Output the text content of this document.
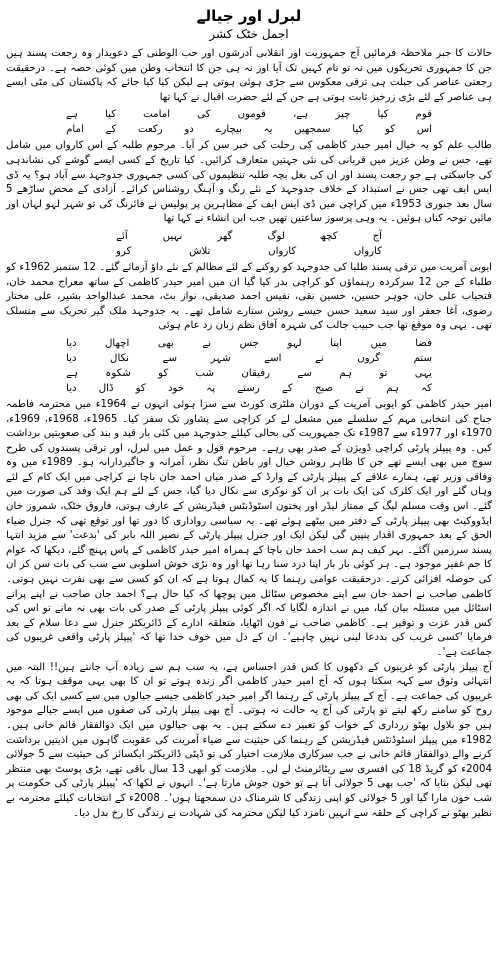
لبرل اور جیالے
اجمل خٹک کشر

حالات کا جبر ملاحظہ فرمائیں آج جمہوریت اور انقلابی آدرشوں اور حب الوطنی کے دعویدار وہ رجعت پسند ہیں جن کا جمہوری تحریکوں میں نہ تو نام کہیں تک آیا اور نہ ہی جن کا انتخاب وطن میں کوئی حصہ ہے۔ درحقیقت رجعتی عناصر کی جبلت ہی ترقی معکوس سے جڑی ہوئی ہوتی ہے لیکن کیا کیا جائے کہ پاکستان کی مٹی ایسے ہی عناصر کے لئے بڑی زرخیز ثابت ہوتی ہے جن کے لئے حضرت اقبال نے کہا تھا

قوم
کیا
چیز
ہے،
قوموں
کی
امامت
کیا
ہے
اس
کو
کیا
سمجھیں
یہ
بیچارے
دو
رکعت
کے
امام

طالب علم کو یہ خیال امیر حیدر کاظمی کی رحلت کی خبر سن کر آیا۔ مرحوم طلبہ کے اس کارواں میں شامل تھے، جس نے وطن عزیز میں قربانی کی نئی جہتیں متعارف کرائیں۔ کیا تاریخ کے کسی ایسے گوشے کی نشاندہی کی جاسکتی ہے جو رجعت پسند اور ان کی بغل بچہ طلبہ تنظیموں کی کسی جمہوری جدوجہد سے آباد ہو؟ یہ ڈی ایس ایف تھی جس نے استبداد کے خلاف جدوجہد کے نئے رنگ و آہنگ روشناس کرائے۔ آزادی کے محض ساڑھے 5 سال بعد جنوری 1953ء میں کراچی میں ڈی ایس ایف کے مظاہرین پر پولیس نے فائرنگ کی تو شہر لہو لہان اور مائیں نوحہ کناں ہوئیں۔ یہ وہی پرسوز ساعتیں تھیں جب ابن انشاء نے کہا تھا

آج
کچھ
لوگ
گھر
نہیں
آئے
کارواں
کارواں
تلاش
کرو

ایوبی آمریت میں ترقی پسند طلبا کی جدوجہد کو روکنے کے لئے مظالم کے نئے داؤ آزمائے گئے۔ 12 ستمبر 1962ء کو طلباء کے جن 12 سرکردہ رہنماؤں کو کراچی بدر کیا گیا ان میں امیر حیدر کاظمی کے ساتھ معراج محمد خان، فتحیاب علی خان، جوہر حسین، حسین نقی، نفیس احمد صدیقی، نواز بٹ، محمد عبدالواحد بشیر، علی مختار رضوی، آغا جعفر اور سید سعید حسن جیسے روشن ستارے شامل تھے۔ یہ جدوجہد ملک گیر تحریک سے منسلک تھی۔ یہی وہ موقع تھا جب حبیب جالب کی شہرہ آفاق نظم زبان زد عام ہوئی

فضا
میں
اپنا
لہو
جس
نے
بھی
اچھال
دیا
ستم
گروں
نے
اسے
شہر
سے
نکال
دیا
یہی
تو
ہم
سے
رفیقان
شب
کو
شکوہ
ہے
کہ
ہم
نے
صبح
کے
رستے
پہ
خود
کو
ڈال
دیا

امیر حیدر کاظمی کو ایوبی آمریت کے دوران ملٹری کورٹ سے سزا ہوئی انہوں نے 1964ء میں محترمہ فاطمہ جناح کی انتخابی مہم کے سلسلے میں مشعل لے کر کراچی سے پشاور تک سفر کیا۔ 1965ء، 1968ء، 1969ء، 1970ء اور 1977ء سے 1987ء تک جمہوریت کی بحالی کیلئے جدوجہد میں کئی بار قید و بند کی صعوبتیں برداشت کیں۔ وہ پیپلز پارٹی کراچی ڈویژن کے صدر بھی رہے۔ مرحوم قول و عمل میں لبرل، اور ترقی پسندوں کی طرح سوچ میں بھی ایسے تھے جن کا ظاہر روشن خیال اور باطن تنگ نظر، آمرانہ و جاگیردارانہ ہو۔ 1989ء میں وہ وفاقی وزیر تھے، ہمارے علاقے کے پیپلز پارٹی کے وارڈ کے صدر میاں احمد جان باچا نے کراچی میں ایک کام کے لئے وہاں گئے اور ایک کلرک کی ایک بات پر ان کو نوکری سے نکال دیا گیا، جس کے لئے ہم ایک وفد کی صورت میں گئے۔ اس وقت مسلم لیگ کے ممتاز لیڈر اور پختون اسٹوڈنٹس فیڈریشن کے عارف ہوتی، فاروق خٹک، شمروز خان ایڈووکیٹ بھی پیپلز پارٹی کے دفتر میں بیٹھے ہوئے تھے۔ یہ سیاسی رواداری کا دور تھا اور توقع تھی کہ جنرل ضیاء الحق کے بعد جمہوری اقدار پنپیں گی لیکن ایک اور جنرل پیپلز پارٹی کے نصیر اللہ بابر کی 'بدعت' سے مزید انتہا پسند سرزمین آگئے۔ بہر کیف ہم سب احمد جان باچا کے ہمراہ امیر حیدر کاظمی کے پاس پہنچ گئے، دیکھا کہ عوام کا جم غفیر موجود ہے۔ ہر کوئی بار بار اپنا درد سنا رہا تھا اور وہ بڑی خوش اسلوبی سے سب کی بات سن کر ان کی حوصلہ افزائی کرتے۔ درحقیقت عوامی رہنما کا یہ کمال ہوتا ہے کہ ان کو کسی سے بھی نفرت نہیں ہوتی۔ کاظمی صاحب نے احمد جان سے اپنے مخصوص سٹائل میں پوچھا کہ کیا حال ہے؟ احمد جان صاحب نے اپنے پرانے اسٹائل میں مسئلہ بیان کیا، میں نے اندازہ لگایا کہ اگر کوئی پیپلز پارٹی کے صدر کی بات بھی نہ مانے تو اس کی کس قدر عزت و توقیر ہے۔ کاظمی صاحب نے فون اٹھایا، متعلقہ ادارے کے ڈائریکٹر جنرل سے دعا سلام کے بعد فرمایا 'کسی غریب کی بددعا لینی نہیں چاہیے'۔ ان کے دل میں خوف خدا تھا کہ 'پیپلز پارٹی واقعی غریبوں کی جماعت ہے'۔

آج پیپلز پارٹی کو غریبوں کے دکھوں کا کس قدر احساس ہے، یہ سب ہم سے زیادہ آپ جانتے ہیں!! البتہ میں انتہائی وثوق سے کہہ سکتا ہوں کہ آج امیر حیدر کاظمی اگر زندہ ہوتے تو ان کا بھی یہی موقف ہوتا کہ یہ غریبوں کی جماعت ہے۔ آج کے پیپلز پارٹی کے رہنما اگر امیر حیدر کاظمی جیسے جیالوں میں سے کسی ایک کی بھی روح کو سامنے رکھ لیتے تو پارٹی کی آج یہ حالت نہ ہوتی۔ آج بھی پیپلز پارٹی کی صفوں میں ایسے جیالے موجود ہیں جو بلاول بھٹو زرداری کے خواب کو تعبیر دے سکتے ہیں۔ یہ بھی جیالوں میں ایک ذوالفقار قائم خانی ہیں۔ 1982ء میں پیپلز اسٹوڈنٹس فیڈریشن کے رہنما کی حیثیت سے ضیاء آمریت کی عقوبت گاہوں میں اذیتیں برداشت کرنے والے ذوالفقار قائم خانی نے جب سرکاری ملازمت اختیار کی تو ڈپٹی ڈائریکٹر ایکسائز کی حیثیت سے 5 جولائی 2004ء کو گریڈ 18 کی افسری سے ریٹائرمنٹ لے لی۔ ملازمت کو ابھی 13 سال باقی تھے، بڑی پوسٹ بھی منتظر تھی لیکن بتایا کہ 'جب بھی 5 جولائی آتا ہے تو خون جوش مارتا ہے'۔ انہوں نے لکھا کہ 'پیپلز پارٹی کی حکومت پر شب خون مارا گیا اور 5 جولائی کو اپنی زندگی کا شرمناک دن سمجھتا ہوں'۔ 2008ء کے انتخابات کیلئے محترمہ بے نظیر بھٹو نے کراچی کے حلقہ سے انہیں نامزد کیا لیکن محترمہ کی شہادت نے زندگی کا رخ بدل دیا۔
